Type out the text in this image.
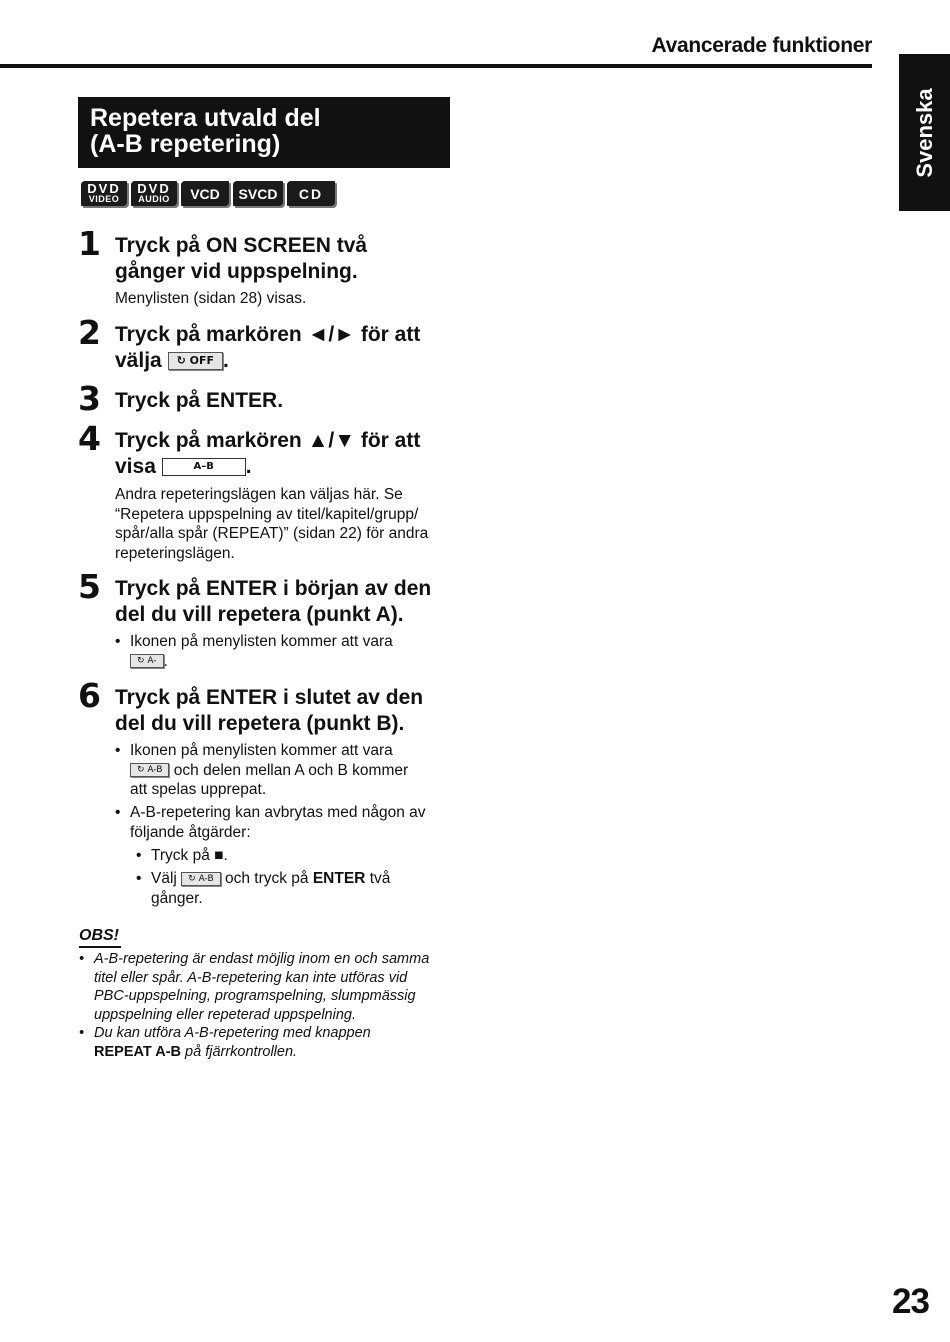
Avancerade funktioner
Svenska
Repetera utvald del
(A-B repetering)
DVD
VIDEO
DVD
AUDIO	VCD	SVCD	CD
1 Tryck på ON SCREEN två
gånger vid uppspelning.
Menylisten (sidan 28) visas.
2 Tryck på markören ◄/► för att
välja ↻ OFF .
3 Tryck på ENTER.
4 Tryck på markören ▲/▼ för att
visa	A–B .
Andra repeteringslägen kan väljas här. Se
“Repetera uppspelning av titel/kapitel/grupp/
spår/alla spår (REPEAT)” (sidan 22) för andra
repeteringslägen.
5 Tryck på ENTER i början av den
del du vill repetera (punkt A).
• Ikonen på menylisten kommer att vara
↻ A- .
6 Tryck på ENTER i slutet av den
del du vill repetera (punkt B).
• Ikonen på menylisten kommer att vara
↻ A-B och delen mellan A och B kommer
att spelas upprepat.
• A-B-repetering kan avbrytas med någon av
följande åtgärder:
• Tryck på ■.
• Välj ↻ A-B och tryck på ENTER två
gånger.
OBS!
• A-B-repetering är endast möjlig inom en och samma
titel eller spår. A-B-repetering kan inte utföras vid
PBC-uppspelning, programspelning, slumpmässig
uppspelning eller repeterad uppspelning.
• Du kan utföra A-B-repetering med knappen
REPEAT A-B på fjärrkontrollen.
23
